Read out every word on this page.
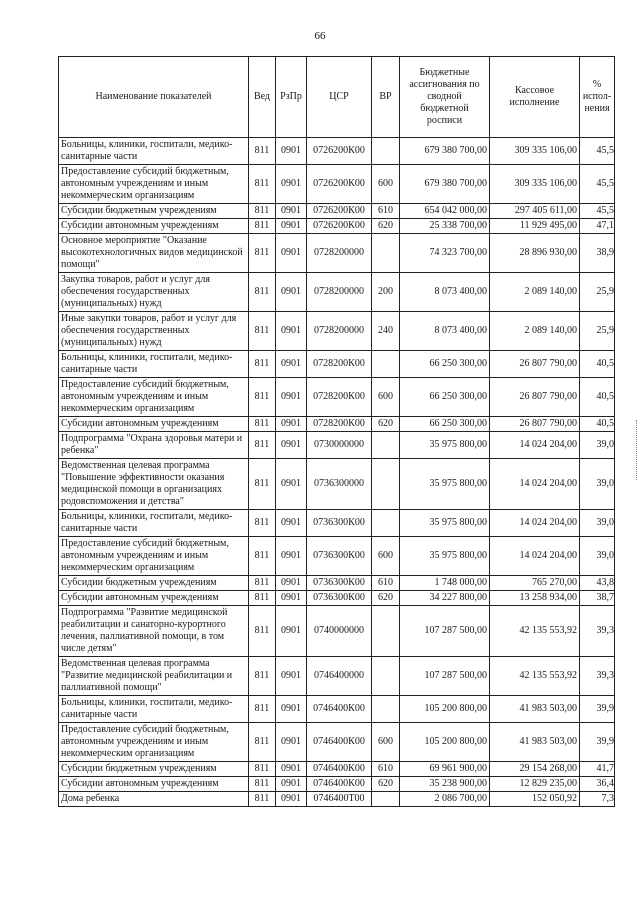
66
Наименование показателей	Вед	РзПр	ЦСР	ВР	Бюджетные ассигнования по сводной бюджетной росписи	Кассовое исполнение	% испол-нения
Больницы, клиники, госпитали, медико-санитарные части	811	0901	0726200К00		679 380 700,00	309 335 106,00	45,5
Предоставление субсидий бюджетным, автономным учреждениям и иным некоммерческим организациям	811	0901	0726200К00	600	679 380 700,00	309 335 106,00	45,5
Субсидии бюджетным учреждениям	811	0901	0726200К00	610	654 042 000,00	297 405 611,00	45,5
Субсидии автономным учреждениям	811	0901	0726200К00	620	25 338 700,00	11 929 495,00	47,1
Основное мероприятие "Оказание высокотехнологичных видов медицинской помощи"	811	0901	0728200000		74 323 700,00	28 896 930,00	38,9
Закупка товаров, работ и услуг для обеспечения государственных (муниципальных) нужд	811	0901	0728200000	200	8 073 400,00	2 089 140,00	25,9
Иные закупки товаров, работ и услуг для обеспечения государственных (муниципальных) нужд	811	0901	0728200000	240	8 073 400,00	2 089 140,00	25,9
Больницы, клиники, госпитали, медико-санитарные части	811	0901	0728200К00		66 250 300,00	26 807 790,00	40,5
Предоставление субсидий бюджетным, автономным учреждениям и иным некоммерческим организациям	811	0901	0728200К00	600	66 250 300,00	26 807 790,00	40,5
Субсидии автономным учреждениям	811	0901	0728200К00	620	66 250 300,00	26 807 790,00	40,5
Подпрограмма "Охрана здоровья матери и ребенка"	811	0901	0730000000		35 975 800,00	14 024 204,00	39,0
Ведомственная целевая программа "Повышение эффективности оказания медицинской помощи в организациях родовспоможения и детства"	811	0901	0736300000		35 975 800,00	14 024 204,00	39,0
Больницы, клиники, госпитали, медико-санитарные части	811	0901	0736300К00		35 975 800,00	14 024 204,00	39,0
Предоставление субсидий бюджетным, автономным учреждениям и иным некоммерческим организациям	811	0901	0736300К00	600	35 975 800,00	14 024 204,00	39,0
Субсидии бюджетным учреждениям	811	0901	0736300К00	610	1 748 000,00	765 270,00	43,8
Субсидии автономным учреждениям	811	0901	0736300К00	620	34 227 800,00	13 258 934,00	38,7
Подпрограмма "Развитие медицинской реабилитации и санаторно-курортного лечения, паллиативной помощи, в том числе детям"	811	0901	0740000000		107 287 500,00	42 135 553,92	39,3
Ведомственная целевая программа "Развитие медицинской реабилитации и паллиативной помощи"	811	0901	0746400000		107 287 500,00	42 135 553,92	39,3
Больницы, клиники, госпитали, медико-санитарные части	811	0901	0746400К00		105 200 800,00	41 983 503,00	39,9
Предоставление субсидий бюджетным, автономным учреждениям и иным некоммерческим организациям	811	0901	0746400К00	600	105 200 800,00	41 983 503,00	39,9
Субсидии бюджетным учреждениям	811	0901	0746400К00	610	69 961 900,00	29 154 268,00	41,7
Субсидии автономным учреждениям	811	0901	0746400К00	620	35 238 900,00	12 829 235,00	36,4
Дома ребенка	811	0901	0746400Т00		2 086 700,00	152 050,92	7,3
